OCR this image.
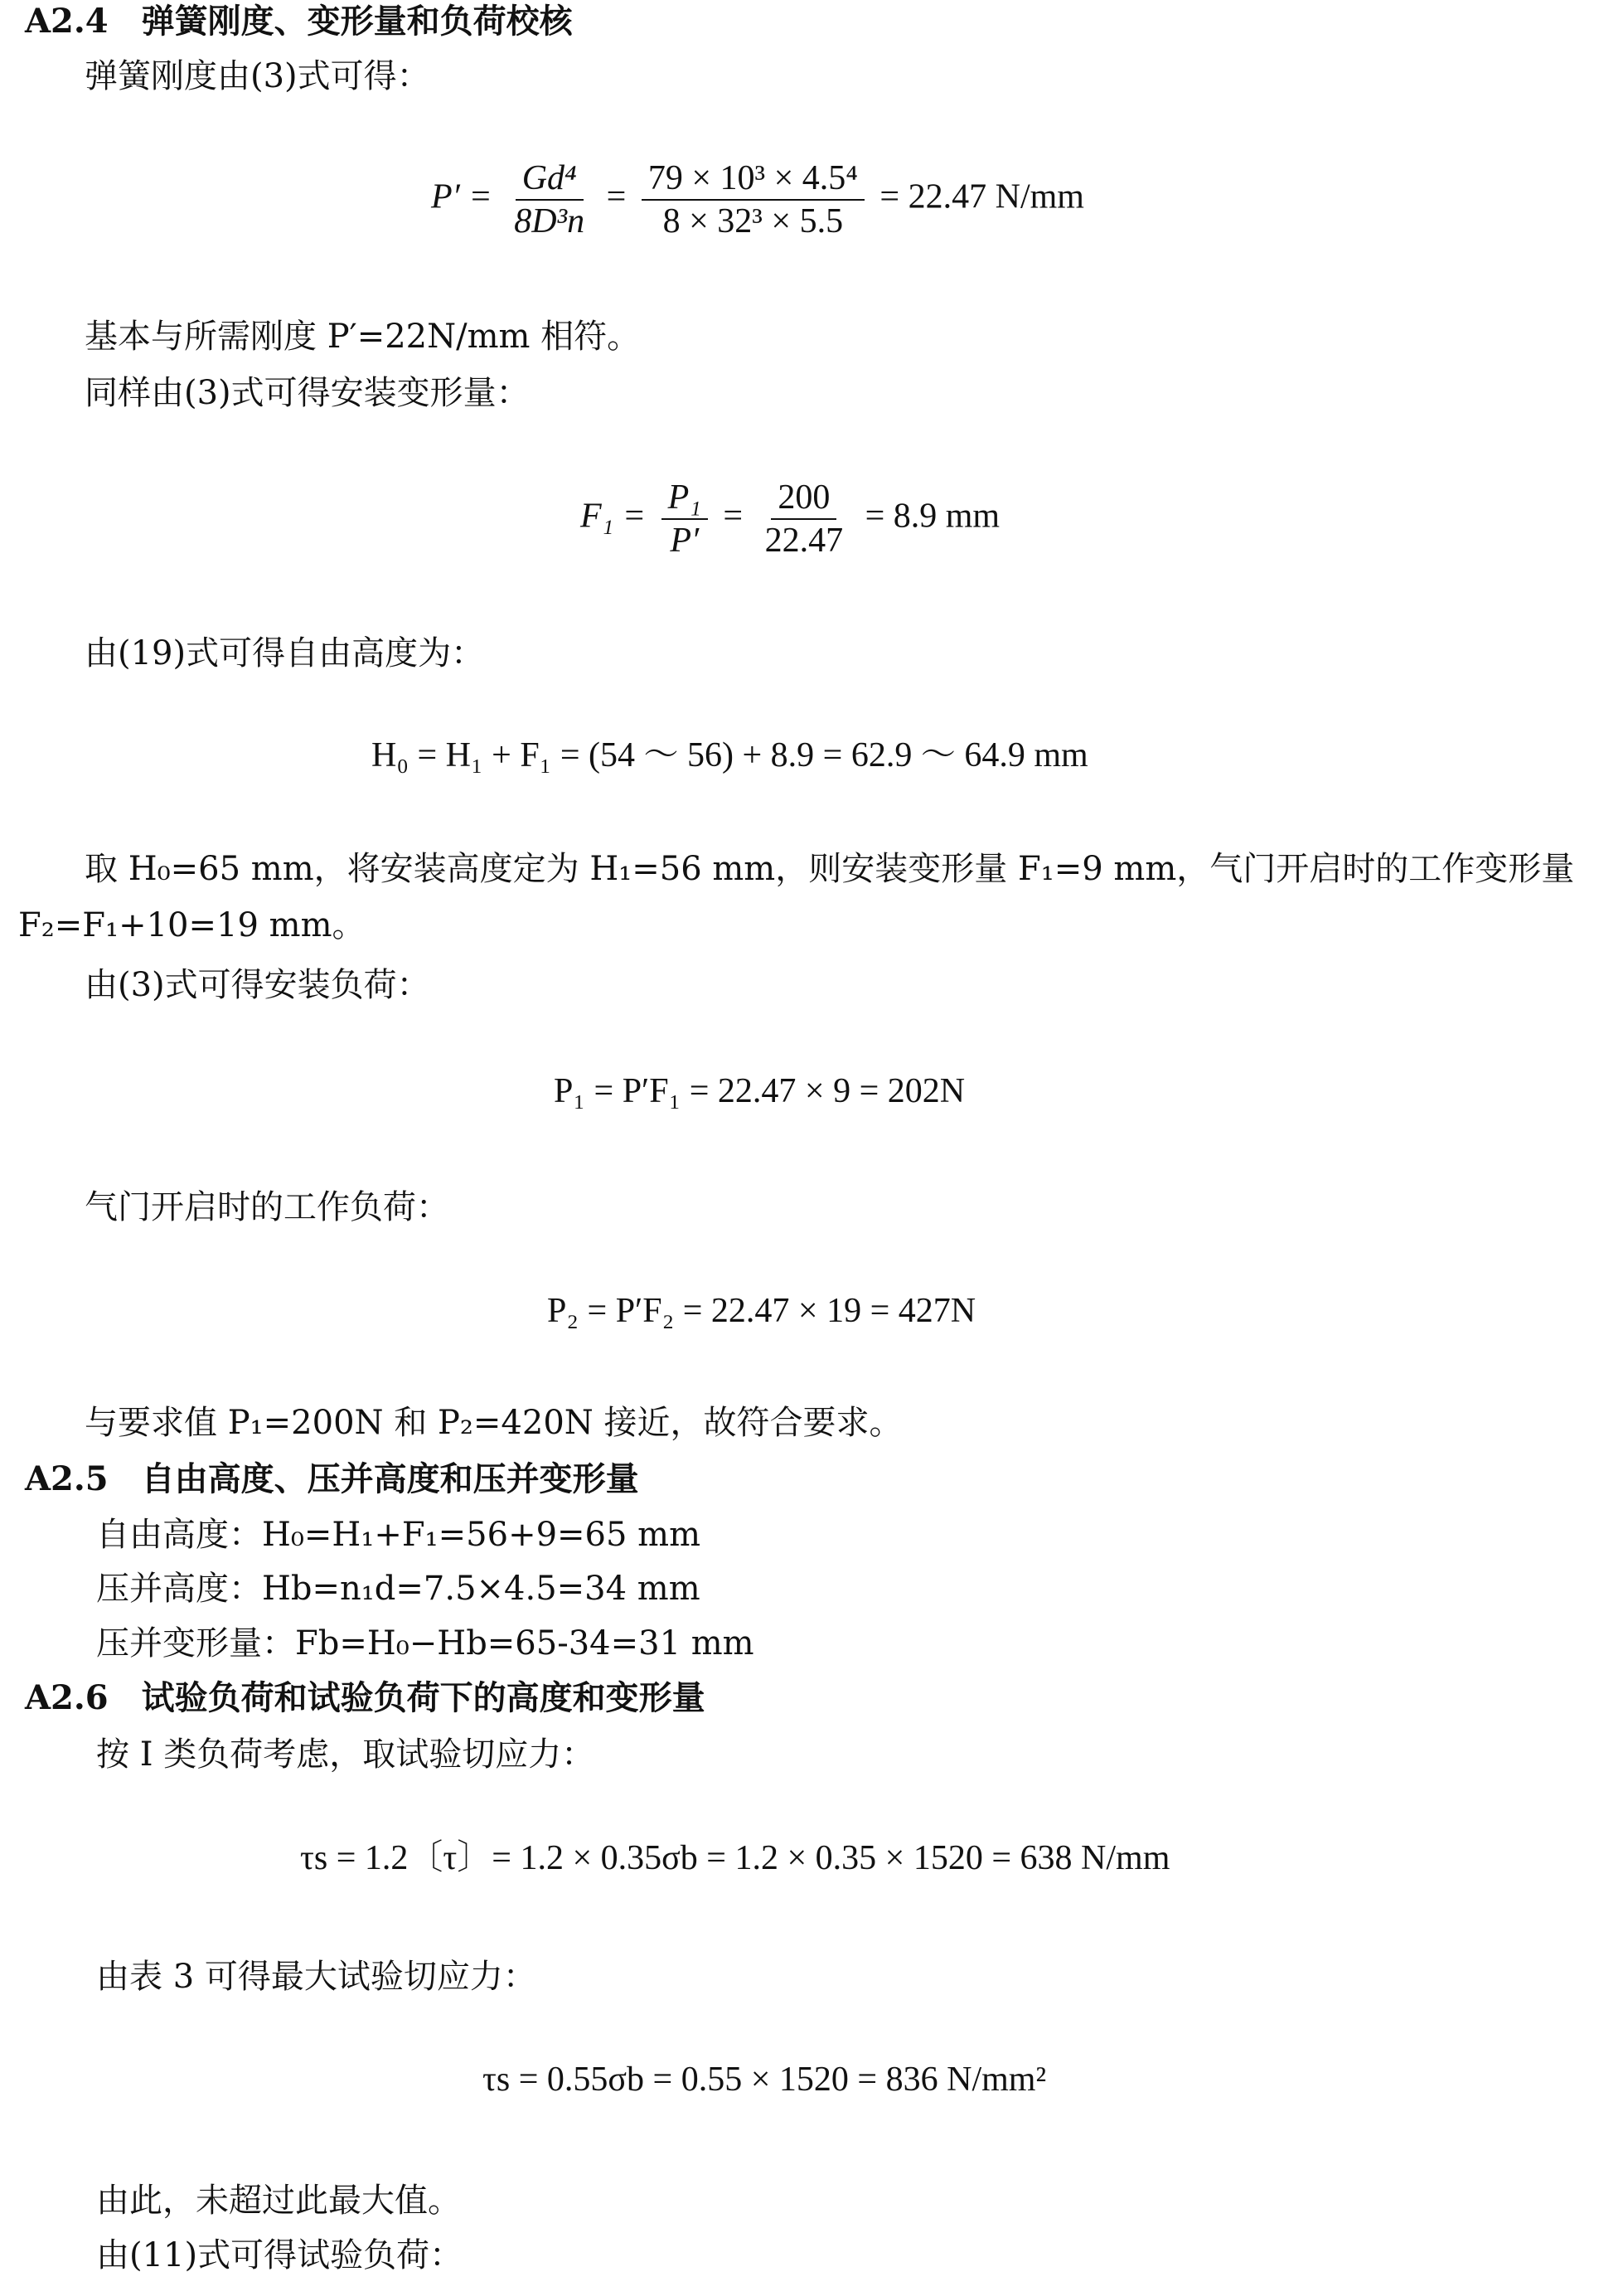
A2.4　弹簧刚度、变形量和负荷校核
弹簧刚度由(3)式可得：
$P' = \frac{\text{Gd⁴}}{\text{8D³n}} = \frac{\text{79 × 10³ × 4.5⁴}}{\text{8 × 32³ × 5.5}} = 22.47$ N/mm
基本与所需刚度 P′=22N/mm 相符。
同样由(3)式可得安装变形量：
$F_1 = \frac{\text{P₁}}{P'} = \frac{200}{22.47} = 8.9$ mm
由(19)式可得自由高度为：
H₀ = H₁ + F₁ = (54 ～ 56) + 8.9 = 62.9 ～ 64.9 mm
取 H₀=65 mm，将安装高度定为 H₁=56 mm，则安装变形量 F₁=9 mm，气门开启时的工作变形量
F₂=F₁+10=19 mm。
由(3)式可得安装负荷：
P₁ = P′F₁ = 22.47 × 9 = 202N
气门开启时的工作负荷：
P₂ = P′F₂ = 22.47 × 19 = 427N
与要求值 P₁=200N 和 P₂=420N 接近，故符合要求。
A2.5　自由高度、压并高度和压并变形量
自由高度：H₀=H₁+F₁=56+9=65 mm
压并高度：Hb=n₁d=7.5×4.5=34 mm
压并变形量：Fb=H₀−Hb=65-34=31 mm
A2.6　试验负荷和试验负荷下的高度和变形量
按 I 类负荷考虑，取试验切应力：
τs = 1.2〔τ〕= 1.2 × 0.35σb = 1.2 × 0.35 × 1520 = 638 N/mm
由表 3 可得最大试验切应力：
τs = 0.55σb = 0.55 × 1520 = 836 N/mm²
由此，未超过此最大值。
由(11)式可得试验负荷：
